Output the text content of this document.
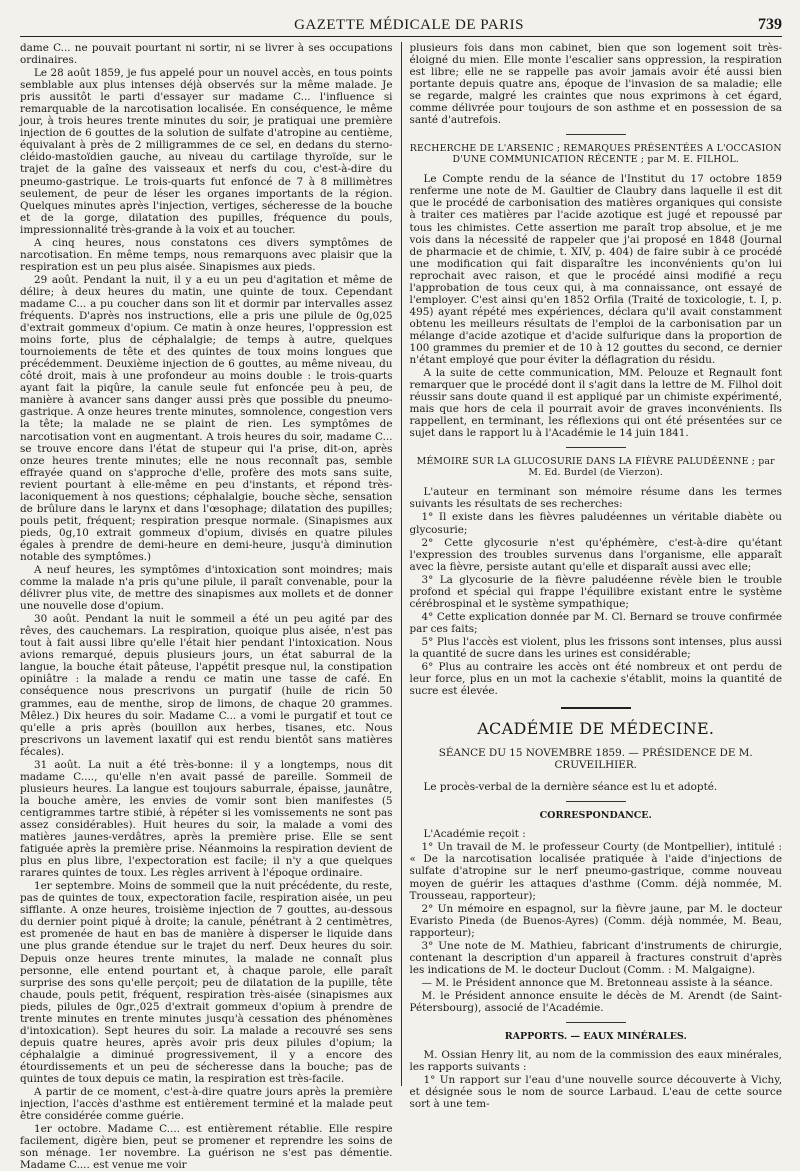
GAZETTE MÉDICALE DE PARIS	739

dame C... ne pouvait pourtant ni sortir, ni se livrer à ses occupations ordinaires.

Le 28 août 1859, je fus appelé pour un nouvel accès, en tous points semblable aux plus intenses déjà observés sur la même malade. Je pris aussitôt le parti d'essayer sur madame C... l'influence si remarquable de la narcotisation localisée. En conséquence, le même jour, à trois heures trente minutes du soir, je pratiquai une première injection de 6 gouttes de la solution de sulfate d'atropine au centième, équivalant à près de 2 milligrammes de ce sel, en dedans du sterno-cléido-mastoïdien gauche, au niveau du cartilage thyroïde, sur le trajet de la gaîne des vaisseaux et nerfs du cou, c'est-à-dire du pneumo-gastrique. Le trois-quarts fut enfoncé de 7 à 8 millimètres seulement, de peur de léser les organes importants de la région. Quelques minutes après l'injection, vertiges, sécheresse de la bouche et de la gorge, dilatation des pupilles, fréquence du pouls, impressionnalité très-grande à la voix et au toucher.

A cinq heures, nous constatons ces divers symptômes de narcotisation. En même temps, nous remarquons avec plaisir que la respiration est un peu plus aisée. Sinapismes aux pieds.

29 août. Pendant la nuit, il y a eu un peu d'agitation et même de délire; à deux heures du matin, une quinte de toux. Cependant madame C... a pu coucher dans son lit et dormir par intervalles assez fréquents. D'après nos instructions, elle a pris une pilule de 0g,025 d'extrait gommeux d'opium. Ce matin à onze heures, l'oppression est moins forte, plus de céphalalgie; de temps à autre, quelques tournoiements de tête et des quintes de toux moins longues que précédemment. Deuxième injection de 6 gouttes, au même niveau, du côté droit, mais à une profondeur au moins double : le trois-quarts ayant fait la piqûre, la canule seule fut enfoncée peu à peu, de manière à avancer sans danger aussi près que possible du pneumo-gastrique. A onze heures trente minutes, somnolence, congestion vers la tête; la malade ne se plaint de rien. Les symptômes de narcotisation vont en augmentant. A trois heures du soir, madame C... se trouve encore dans l'état de stupeur qui l'a prise, dit-on, après onze heures trente minutes; elle ne nous reconnaît pas, semble effrayée quand on s'approche d'elle, profère des mots sans suite, revient pourtant à elle-même en peu d'instants, et répond très-laconiquement à nos questions; céphalalgie, bouche sèche, sensation de brûlure dans le larynx et dans l'œsophage; dilatation des pupilles; pouls petit, fréquent; respiration presque normale. (Sinapismes aux pieds, 0g,10 extrait gommeux d'opium, divisés en quatre pilules égales à prendre de demi-heure en demi-heure, jusqu'à diminution notable des symptômes.)

A neuf heures, les symptômes d'intoxication sont moindres; mais comme la malade n'a pris qu'une pilule, il paraît convenable, pour la délivrer plus vite, de mettre des sinapismes aux mollets et de donner une nouvelle dose d'opium.

30 août. Pendant la nuit le sommeil a été un peu agité par des rêves, des cauchemars. La respiration, quoique plus aisée, n'est pas tout à fait aussi libre qu'elle l'était hier pendant l'intoxication. Nous avions remarqué, depuis plusieurs jours, un état saburral de la langue, la bouche était pâteuse, l'appétit presque nul, la constipation opiniâtre : la malade a rendu ce matin une tasse de café. En conséquence nous prescrivons un purgatif (huile de ricin 50 grammes, eau de menthe, sirop de limons, de chaque 20 grammes. Mêlez.) Dix heures du soir. Madame C... a vomi le purgatif et tout ce qu'elle a pris après (bouillon aux herbes, tisanes, etc. Nous prescrivons un lavement laxatif qui est rendu bientôt sans matières fécales).

31 août. La nuit a été très-bonne: il y a longtemps, nous dit madame C...., qu'elle n'en avait passé de pareille. Sommeil de plusieurs heures. La langue est toujours saburrale, épaisse, jaunâtre, la bouche amère, les envies de vomir sont bien manifestes (5 centigrammes tartre stibié, à répéter si les vomissements ne sont pas assez considérables). Huit heures du soir, la malade a vomi des matières jaunes-verdâtres, après la première prise. Elle se sent fatiguée après la première prise. Néanmoins la respiration devient de plus en plus libre, l'expectoration est facile; il n'y a que quelques rarares quintes de toux. Les règles arrivent à l'époque ordinaire.

1er septembre. Moins de sommeil que la nuit précédente, du reste, pas de quintes de toux, expectoration facile, respiration aisée, un peu sifflante. A onze heures, troisième injection de 7 gouttes, au-dessous du dernier point piqué à droite; la canule, pénétrant à 2 centimètres, est promenée de haut en bas de manière à disperser le liquide dans une plus grande étendue sur le trajet du nerf. Deux heures du soir. Depuis onze heures trente minutes, la malade ne connaît plus personne, elle entend pourtant et, à chaque parole, elle paraît surprise des sons qu'elle perçoit; peu de dilatation de la pupille, tête chaude, pouls petit, fréquent, respiration très-aisée (sinapismes aux pieds, pilules de 0gr.,025 d'extrait gommeux d'opium à prendre de trente minutes en trente minutes jusqu'à cessation des phénomènes d'intoxication). Sept heures du soir. La malade a recouvré ses sens depuis quatre heures, après avoir pris deux pilules d'opium; la céphalalgie a diminué progressivement, il y a encore des étourdissements et un peu de sécheresse dans la bouche; pas de quintes de toux depuis ce matin, la respiration est très-facile.

A partir de ce moment, c'est-à-dire quatre jours après la première injection, l'accès d'asthme est entièrement terminé et la malade peut être considérée comme guérie.

1er octobre. Madame C.... est entièrement rétablie. Elle respire facilement, digère bien, peut se promener et reprendre les soins de son ménage. 1er novembre. La guérison ne s'est pas démentie. Madame C.... est venue me voir

plusieurs fois dans mon cabinet, bien que son logement soit très-éloigné du mien. Elle monte l'escalier sans oppression, la respiration est libre; elle ne se rappelle pas avoir jamais avoir été aussi bien portante depuis quatre ans, époque de l'invasion de sa maladie; elle se regarde, malgré les craintes que nous exprimons à cet égard, comme délivrée pour toujours de son asthme et en possession de sa santé d'autrefois.

RECHERCHE DE L'ARSENIC ; REMARQUES PRÉSENTÉES A L'OCCASION D'UNE COMMUNICATION RÉCENTE ; par M. E. FILHOL.

Le Compte rendu de la séance de l'Institut du 17 octobre 1859 renferme une note de M. Gaultier de Claubry dans laquelle il est dit que le procédé de carbonisation des matières organiques qui consiste à traiter ces matières par l'acide azotique est jugé et repoussé par tous les chimistes. Cette assertion me paraît trop absolue, et je me vois dans la nécessité de rappeler que j'ai proposé en 1848 (Journal de pharmacie et de chimie, t. XIV, p. 404) de faire subir à ce procédé une modification qui fait disparaître les inconvénients qu'on lui reprochait avec raison, et que le procédé ainsi modifié a reçu l'approbation de tous ceux qui, à ma connaissance, ont essayé de l'employer. C'est ainsi qu'en 1852 Orfila (Traité de toxicologie, t. I, p. 495) ayant répété mes expériences, déclara qu'il avait constamment obtenu les meilleurs résultats de l'emploi de la carbonisation par un mélange d'acide azotique et d'acide sulfurique dans la proportion de 100 grammes du premier et de 10 à 12 gouttes du second, ce dernier n'étant employé que pour éviter la déflagration du résidu.

A la suite de cette communication, MM. Pelouze et Regnault font remarquer que le procédé dont il s'agit dans la lettre de M. Filhol doit réussir sans doute quand il est appliqué par un chimiste expérimenté, mais que hors de cela il pourrait avoir de graves inconvénients. Ils rappellent, en terminant, les réflexions qui ont été présentées sur ce sujet dans le rapport lu à l'Académie le 14 juin 1841.

MÉMOIRE SUR LA GLUCOSURIE DANS LA FIÈVRE PALUDÉENNE ; par M. Ed. Burdel (de Vierzon).

L'auteur en terminant son mémoire résume dans les termes suivants les résultats de ses recherches:

1° Il existe dans les fièvres paludéennes un véritable diabète ou glycosurie;

2° Cette glycosurie n'est qu'éphémère, c'est-à-dire qu'étant l'expression des troubles survenus dans l'organisme, elle apparaît avec la fièvre, persiste autant qu'elle et disparaît aussi avec elle;

3° La glycosurie de la fièvre paludéenne révèle bien le trouble profond et spécial qui frappe l'équilibre existant entre le système cérébrospinal et le système sympathique;

4° Cette explication donnée par M. Cl. Bernard se trouve confirmée par ces faits;

5° Plus l'accès est violent, plus les frissons sont intenses, plus aussi la quantité de sucre dans les urines est considérable;

6° Plus au contraire les accès ont été nombreux et ont perdu de leur force, plus en un mot la cachexie s'établit, moins la quantité de sucre est élevée.

ACADÉMIE DE MÉDECINE.

SÉANCE DU 15 NOVEMBRE 1859. — PRÉSIDENCE DE M. CRUVEILHIER.

Le procès-verbal de la dernière séance est lu et adopté.

CORRESPONDANCE.

L'Académie reçoit :

1° Un travail de M. le professeur Courty (de Montpellier), intitulé : « De la narcotisation localisée pratiquée à l'aide d'injections de sulfate d'atropine sur le nerf pneumo-gastrique, comme nouveau moyen de guérir les attaques d'asthme (Comm. déjà nommée, M. Trousseau, rapporteur);

2° Un mémoire en espagnol, sur la fièvre jaune, par M. le docteur Evaristo Pineda (de Buenos-Ayres) (Comm. déjà nommée, M. Beau, rapporteur);

3° Une note de M. Mathieu, fabricant d'instruments de chirurgie, contenant la description d'un appareil à fractures construit d'après les indications de M. le docteur Duclout (Comm. : M. Malgaigne).

— M. le Président annonce que M. Bretonneau assiste à la séance.

M. le Président annonce ensuite le décès de M. Arendt (de Saint-Pétersbourg), associé de l'Académie.

RAPPORTS. — EAUX MINÉRALES.

M. Ossian Henry lit, au nom de la commission des eaux minérales, les rapports suivants :

1° Un rapport sur l'eau d'une nouvelle source découverte à Vichy, et désignée sous le nom de source Larbaud. L'eau de cette source sort à une tem-
